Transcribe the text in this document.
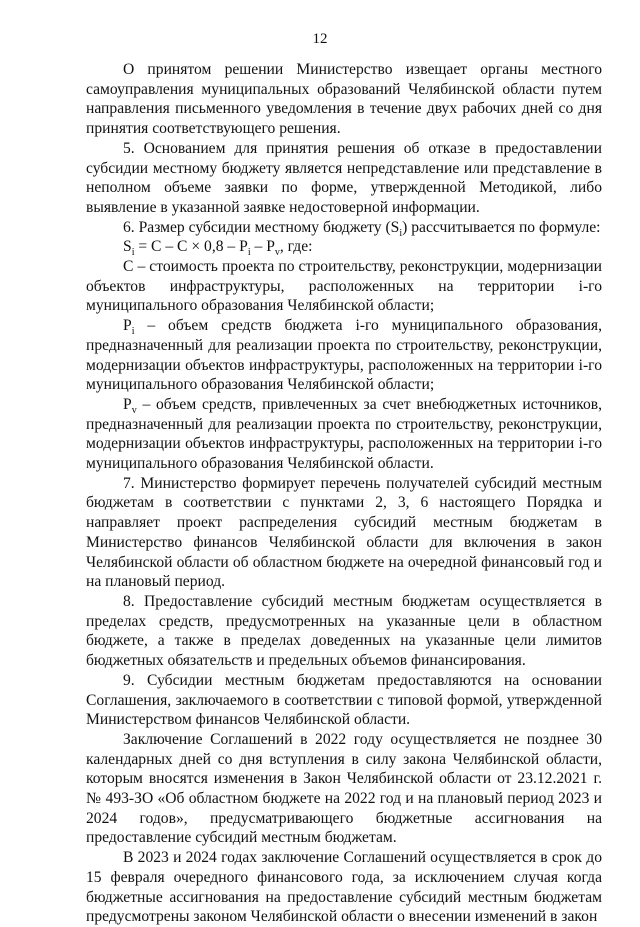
12

О принятом решении Министерство извещает органы местного самоуправления муниципальных образований Челябинской области путем направления письменного уведомления в течение двух рабочих дней со дня принятия соответствующего решения.

5. Основанием для принятия решения об отказе в предоставлении субсидии местному бюджету является непредставление или представление в неполном объеме заявки по форме, утвержденной Методикой, либо выявление в указанной заявке недостоверной информации.

6. Размер субсидии местному бюджету $(S_i)$ рассчитывается по формуле:

$S_i = С - С \times 0,8 - Р_i - Р_v$, где:

С – стоимость проекта по строительству, реконструкции, модернизации объектов инфраструктуры, расположенных на территории i-го муниципального образования Челябинской области;

$Р_i$ – объем средств бюджета i-го муниципального образования, предназначенный для реализации проекта по строительству, реконструкции, модернизации объектов инфраструктуры, расположенных на территории i-го муниципального образования Челябинской области;

$Р_v$ – объем средств, привлеченных за счет внебюджетных источников, предназначенный для реализации проекта по строительству, реконструкции, модернизации объектов инфраструктуры, расположенных на территории i-го муниципального образования Челябинской области.

7. Министерство формирует перечень получателей субсидий местным бюджетам в соответствии с пунктами 2, 3, 6 настоящего Порядка и направляет проект распределения субсидий местным бюджетам в Министерство финансов Челябинской области для включения в закон Челябинской области об областном бюджете на очередной финансовый год и на плановый период.

8. Предоставление субсидий местным бюджетам осуществляется в пределах средств, предусмотренных на указанные цели в областном бюджете, а также в пределах доведенных на указанные цели лимитов бюджетных обязательств и предельных объемов финансирования.

9. Субсидии местным бюджетам предоставляются на основании Соглашения, заключаемого в соответствии с типовой формой, утвержденной Министерством финансов Челябинской области.

Заключение Соглашений в 2022 году осуществляется не позднее 30 календарных дней со дня вступления в силу закона Челябинской области, которым вносятся изменения в Закон Челябинской области от 23.12.2021 г. № 493-ЗО «Об областном бюджете на 2022 год и на плановый период 2023 и 2024 годов», предусматривающего бюджетные ассигнования на предоставление субсидий местным бюджетам.

В 2023 и 2024 годах заключение Соглашений осуществляется в срок до 15 февраля очередного финансового года, за исключением случая когда бюджетные ассигнования на предоставление субсидий местным бюджетам предусмотрены законом Челябинской области о внесении изменений в закон
